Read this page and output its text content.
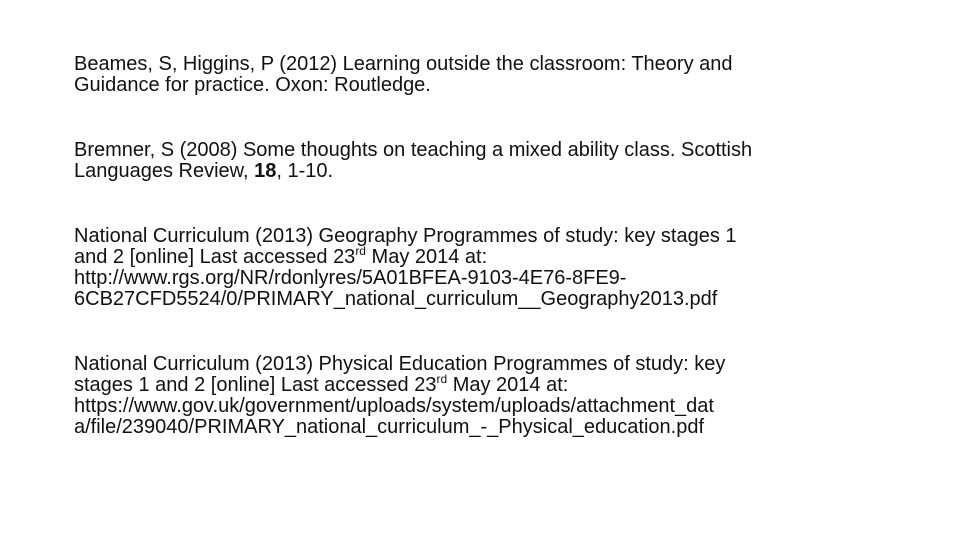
Beames, S, Higgins, P (2012) Learning outside the classroom: Theory and
Guidance for practice. Oxon: Routledge.

Bremner, S (2008) Some thoughts on teaching a mixed ability class. Scottish
Languages Review, 18, 1-10.

National Curriculum (2013) Geography Programmes of study: key stages 1
and 2 [online] Last accessed 23rd May 2014 at:
http://www.rgs.org/NR/rdonlyres/5A01BFEA-9103-4E76-8FE9-
6CB27CFD5524/0/PRIMARY_national_curriculum__Geography2013.pdf

National Curriculum (2013) Physical Education Programmes of study: key
stages 1 and 2 [online] Last accessed 23rd May 2014 at:
https://www.gov.uk/government/uploads/system/uploads/attachment_dat
a/file/239040/PRIMARY_national_curriculum_-_Physical_education.pdf
